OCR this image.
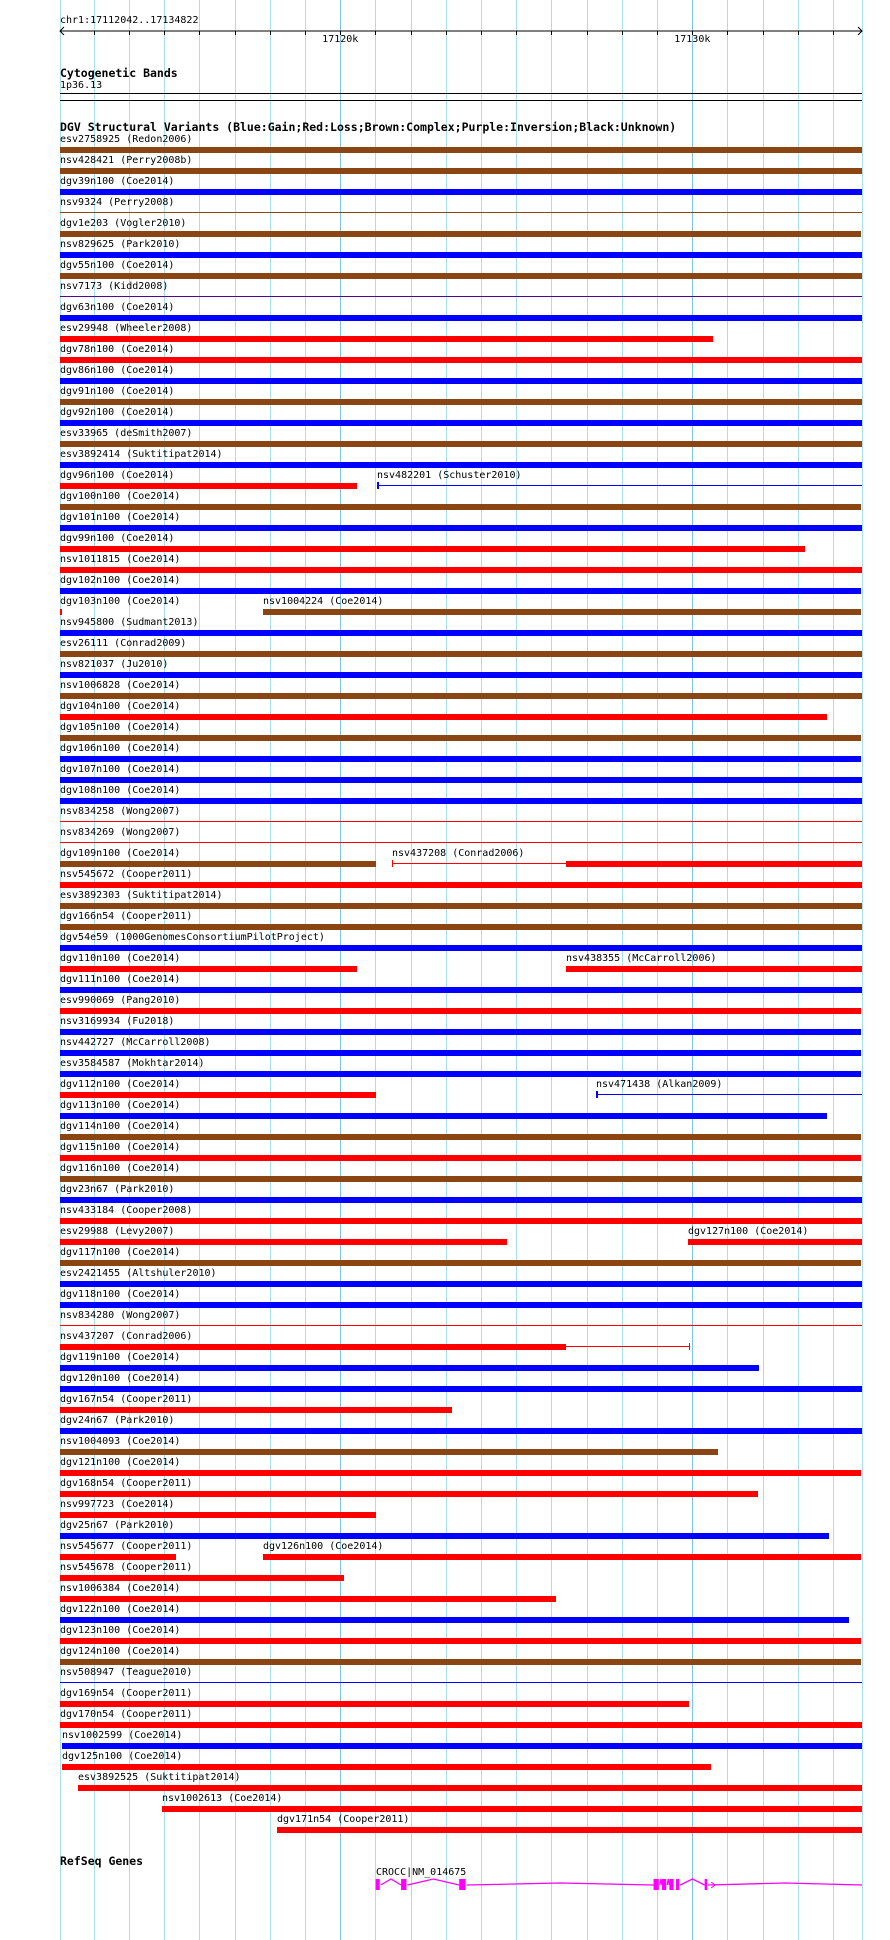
chr1:17112042..17134822
17120k	17130k
Cytogenetic Bands
1p36.13
DGV Structural Variants (Blue:Gain;Red:Loss;Brown:Complex;Purple:Inversion;Black:Unknown)
esv2758925 (Redon2006)
nsv428421 (Perry2008b)
dgv39n100 (Coe2014)
nsv9324 (Perry2008)
dgv1e203 (Vogler2010)
nsv829625 (Park2010)
dgv55n100 (Coe2014)
nsv7173 (Kidd2008)
dgv63n100 (Coe2014)
esv29948 (Wheeler2008)
dgv78n100 (Coe2014)
dgv86n100 (Coe2014)
dgv91n100 (Coe2014)
dgv92n100 (Coe2014)
esv33965 (deSmith2007)
esv3892414 (Suktitipat2014)
dgv96n100 (Coe2014)	nsv482201 (Schuster2010)
dgv100n100 (Coe2014)
dgv101n100 (Coe2014)
dgv99n100 (Coe2014)
nsv1011815 (Coe2014)
dgv102n100 (Coe2014)
dgv103n100 (Coe2014)	nsv1004224 (Coe2014)
nsv945800 (Sudmant2013)
esv26111 (Conrad2009)
nsv821037 (Ju2010)
nsv1006828 (Coe2014)
dgv104n100 (Coe2014)
dgv105n100 (Coe2014)
dgv106n100 (Coe2014)
dgv107n100 (Coe2014)
dgv108n100 (Coe2014)
nsv834258 (Wong2007)
nsv834269 (Wong2007)
dgv109n100 (Coe2014)	nsv437208 (Conrad2006)
nsv545672 (Cooper2011)
esv3892303 (Suktitipat2014)
dgv166n54 (Cooper2011)
dgv54e59 (1000GenomesConsortiumPilotProject)
dgv110n100 (Coe2014)	nsv438355 (McCarroll2006)
dgv111n100 (Coe2014)
esv990069 (Pang2010)
nsv3169934 (Fu2018)
nsv442727 (McCarroll2008)
esv3584587 (Mokhtar2014)
dgv112n100 (Coe2014)	nsv471438 (Alkan2009)
dgv113n100 (Coe2014)
dgv114n100 (Coe2014)
dgv115n100 (Coe2014)
dgv116n100 (Coe2014)
dgv23n67 (Park2010)
nsv433184 (Cooper2008)
esv29988 (Levy2007)	dgv127n100 (Coe2014)
dgv117n100 (Coe2014)
esv2421455 (Altshuler2010)
dgv118n100 (Coe2014)
nsv834280 (Wong2007)
nsv437207 (Conrad2006)
dgv119n100 (Coe2014)
dgv120n100 (Coe2014)
dgv167n54 (Cooper2011)
dgv24n67 (Park2010)
nsv1004093 (Coe2014)
dgv121n100 (Coe2014)
dgv168n54 (Cooper2011)
nsv997723 (Coe2014)
dgv25n67 (Park2010)
nsv545677 (Cooper2011)	dgv126n100 (Coe2014)
nsv545678 (Cooper2011)
nsv1006384 (Coe2014)
dgv122n100 (Coe2014)
dgv123n100 (Coe2014)
dgv124n100 (Coe2014)
nsv508947 (Teague2010)
dgv169n54 (Cooper2011)
dgv170n54 (Cooper2011)
nsv1002599 (Coe2014)
dgv125n100 (Coe2014)
esv3892525 (Suktitipat2014)
nsv1002613 (Coe2014)
dgv171n54 (Cooper2011)
RefSeq Genes
CROCC|NM_014675
